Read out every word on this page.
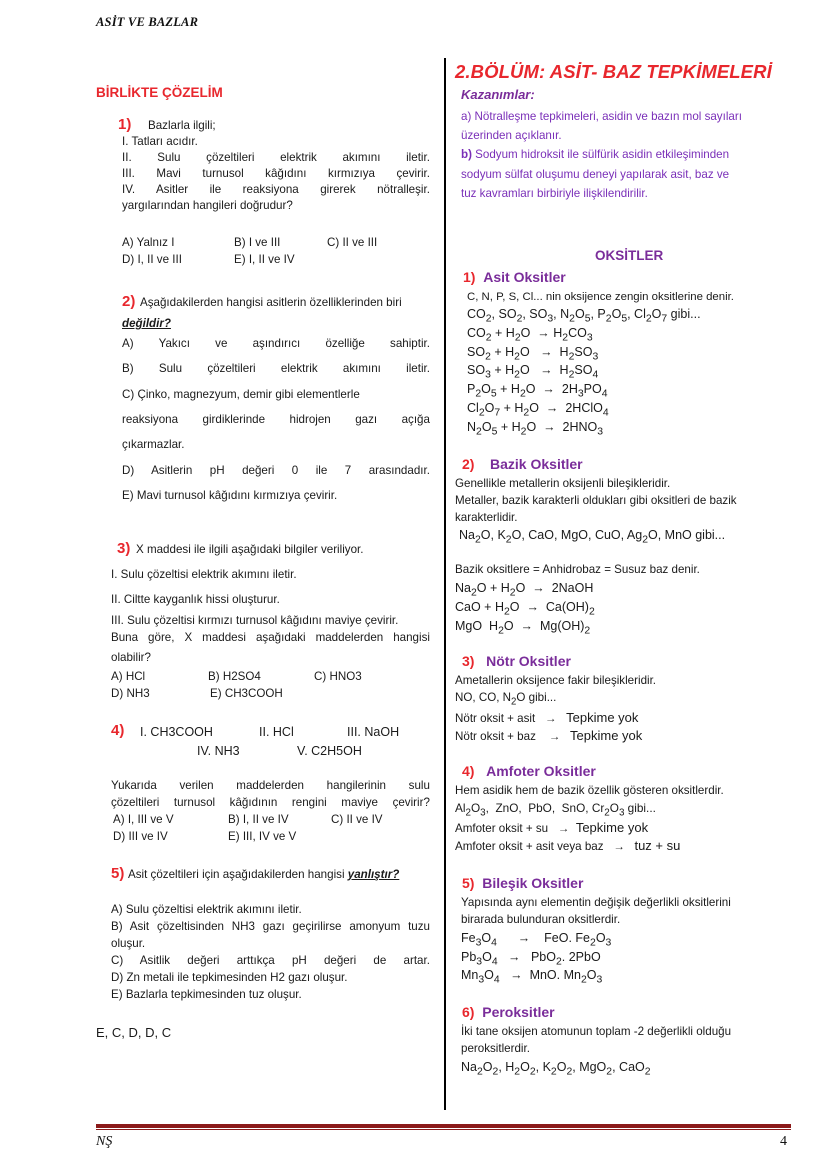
ASİT VE BAZLAR
BİRLİKTE ÇÖZELİM
1) Bazlarla ilgili;
I. Tatları acıdır.
II. Sulu çözeltileri elektrik akımını iletir.
III. Mavi turnusol kâğıdını kırmızıya çevirir.
IV. Asitler ile reaksiyona girerek nötralleşir.
yargılarından hangileri doğrudur?
A) Yalnız I	B) I ve III	C) II ve III
D) I, II ve III	E) I, II ve IV
2) Aşağıdakilerden hangisi asitlerin özelliklerinden biri
değildir?
A) Yakıcı ve aşındırıcı özelliğe sahiptir.
B) Sulu çözeltileri elektrik akımını iletir.
C) Çinko, magnezyum, demir gibi elementlerle
reaksiyona girdiklerinde hidrojen gazı açığa
çıkarmazlar.
D) Asitlerin pH değeri 0 ile 7 arasındadır.
E) Mavi turnusol kâğıdını kırmızıya çevirir.
3) X maddesi ile ilgili aşağıdaki bilgiler veriliyor.
I. Sulu çözeltisi elektrik akımını iletir.
II. Ciltte kayganlık hissi oluşturur.
III. Sulu çözeltisi kırmızı turnusol kâğıdını maviye çevirir.
Buna göre, X maddesi aşağıdaki maddelerden hangisi
olabilir?
A) HCl	B) H2SO4	C) HNO3
D) NH3	E) CH3COOH
4) I. CH3COOH	II. HCl	III. NaOH
IV. NH3	V. C2H5OH
Yukarıda verilen maddelerden hangilerinin sulu
çözeltileri turnusol kâğıdının rengini maviye çevirir?
A) I, III ve V	B) I, II ve IV	C) II ve IV
D) III ve IV	E) III, IV ve V
5) Asit çözeltileri için aşağıdakilerden hangisi yanlıştır?
A) Sulu çözeltisi elektrik akımını iletir.
B) Asit çözeltisinden NH3 gazı geçirilirse amonyum tuzu
oluşur.
C) Asitlik değeri arttıkça pH değeri de artar.
D) Zn metali ile tepkimesinden H2 gazı oluşur.
E) Bazlarla tepkimesinden tuz oluşur.
E, C, D, D, C
2.BÖLÜM: ASİT- BAZ TEPKİMELERİ
Kazanımlar:
a) Nötralleşme tepkimeleri, asidin ve bazın mol sayıları
üzerinden açıklanır.
b) Sodyum hidroksit ile sülfürik asidin etkileşiminden
sodyum sülfat oluşumu deneyi yapılarak asit, baz ve
tuz kavramları birbiriyle ilişkilendirilir.
OKSİTLER
1) Asit Oksitler
C, N, P, S, Cl... nin oksijence zengin oksitlerine denir.
$CO_2$, $SO_2$, $SO_3$, $N_2O_5$, $P_2O_5$, $Cl_2O_7$ gibi...
$CO_2 + H_2O \to H_2CO_3$
$SO_2 + H_2O \to H_2SO_3$
$SO_3 + H_2O \to H_2SO_4$
$P_2O_5 + H_2O \to 2H_3PO_4$
$Cl_2O_7 + H_2O$  →  2HClO$_4$
$N_2O_5 + H_2O \to 2HNO_3$
2) Bazik Oksitler
Genellikle metallerin oksijenli bileşikleridir.
Metaller, bazik karakterli oldukları gibi oksitleri de bazik
karakterlidir.
$Na_2O$, $K_2O$, CaO, MgO, CuO, $Ag_2O$, MnO gibi...
Bazik oksitlere = Anhidrobaz = Susuz baz denir.
$Na_2O + H_2O$  →  2NaOH
CaO + $H_2O \to Ca(OH)_2$
MgO  $H_2O \to Mg(OH)_2$
3) Nötr Oksitler
Ametallerin oksijence fakir bileşikleridir.
NO, CO, $N_2O$ gibi...
Nötr oksit + asit → Tepkime yok
Nötr oksit + baz → Tepkime yok
4) Amfoter Oksitler
Hem asidik hem de bazik özellik gösteren oksitlerdir.
$Al_2O_3$,  ZnO,  PbO,  SnO, $Cr_2O_3$ gibi...
Amfoter oksit + su → Tepkime yok
Amfoter oksit + asit veya baz → tuz + su
5) Bileşik Oksitler
Yapısında aynı elementin değişik değerlikli oksitlerini
birarada bulunduran oksitlerdir.
$Fe_3O_4$ →    FeO. $Fe_2O_3$
$Pb_3O_4 \to PbO_2$. 2PbO
$Mn_3O_4$ →  MnO. $Mn_2O_3$
6) Peroksitler
İki tane oksijen atomunun toplam -2 değerlikli olduğu
peroksitlerdir.
$Na_2O_2$, $H_2O_2$, $K_2O_2$, MgO$_2$, CaO$_2$
NŞ	4
